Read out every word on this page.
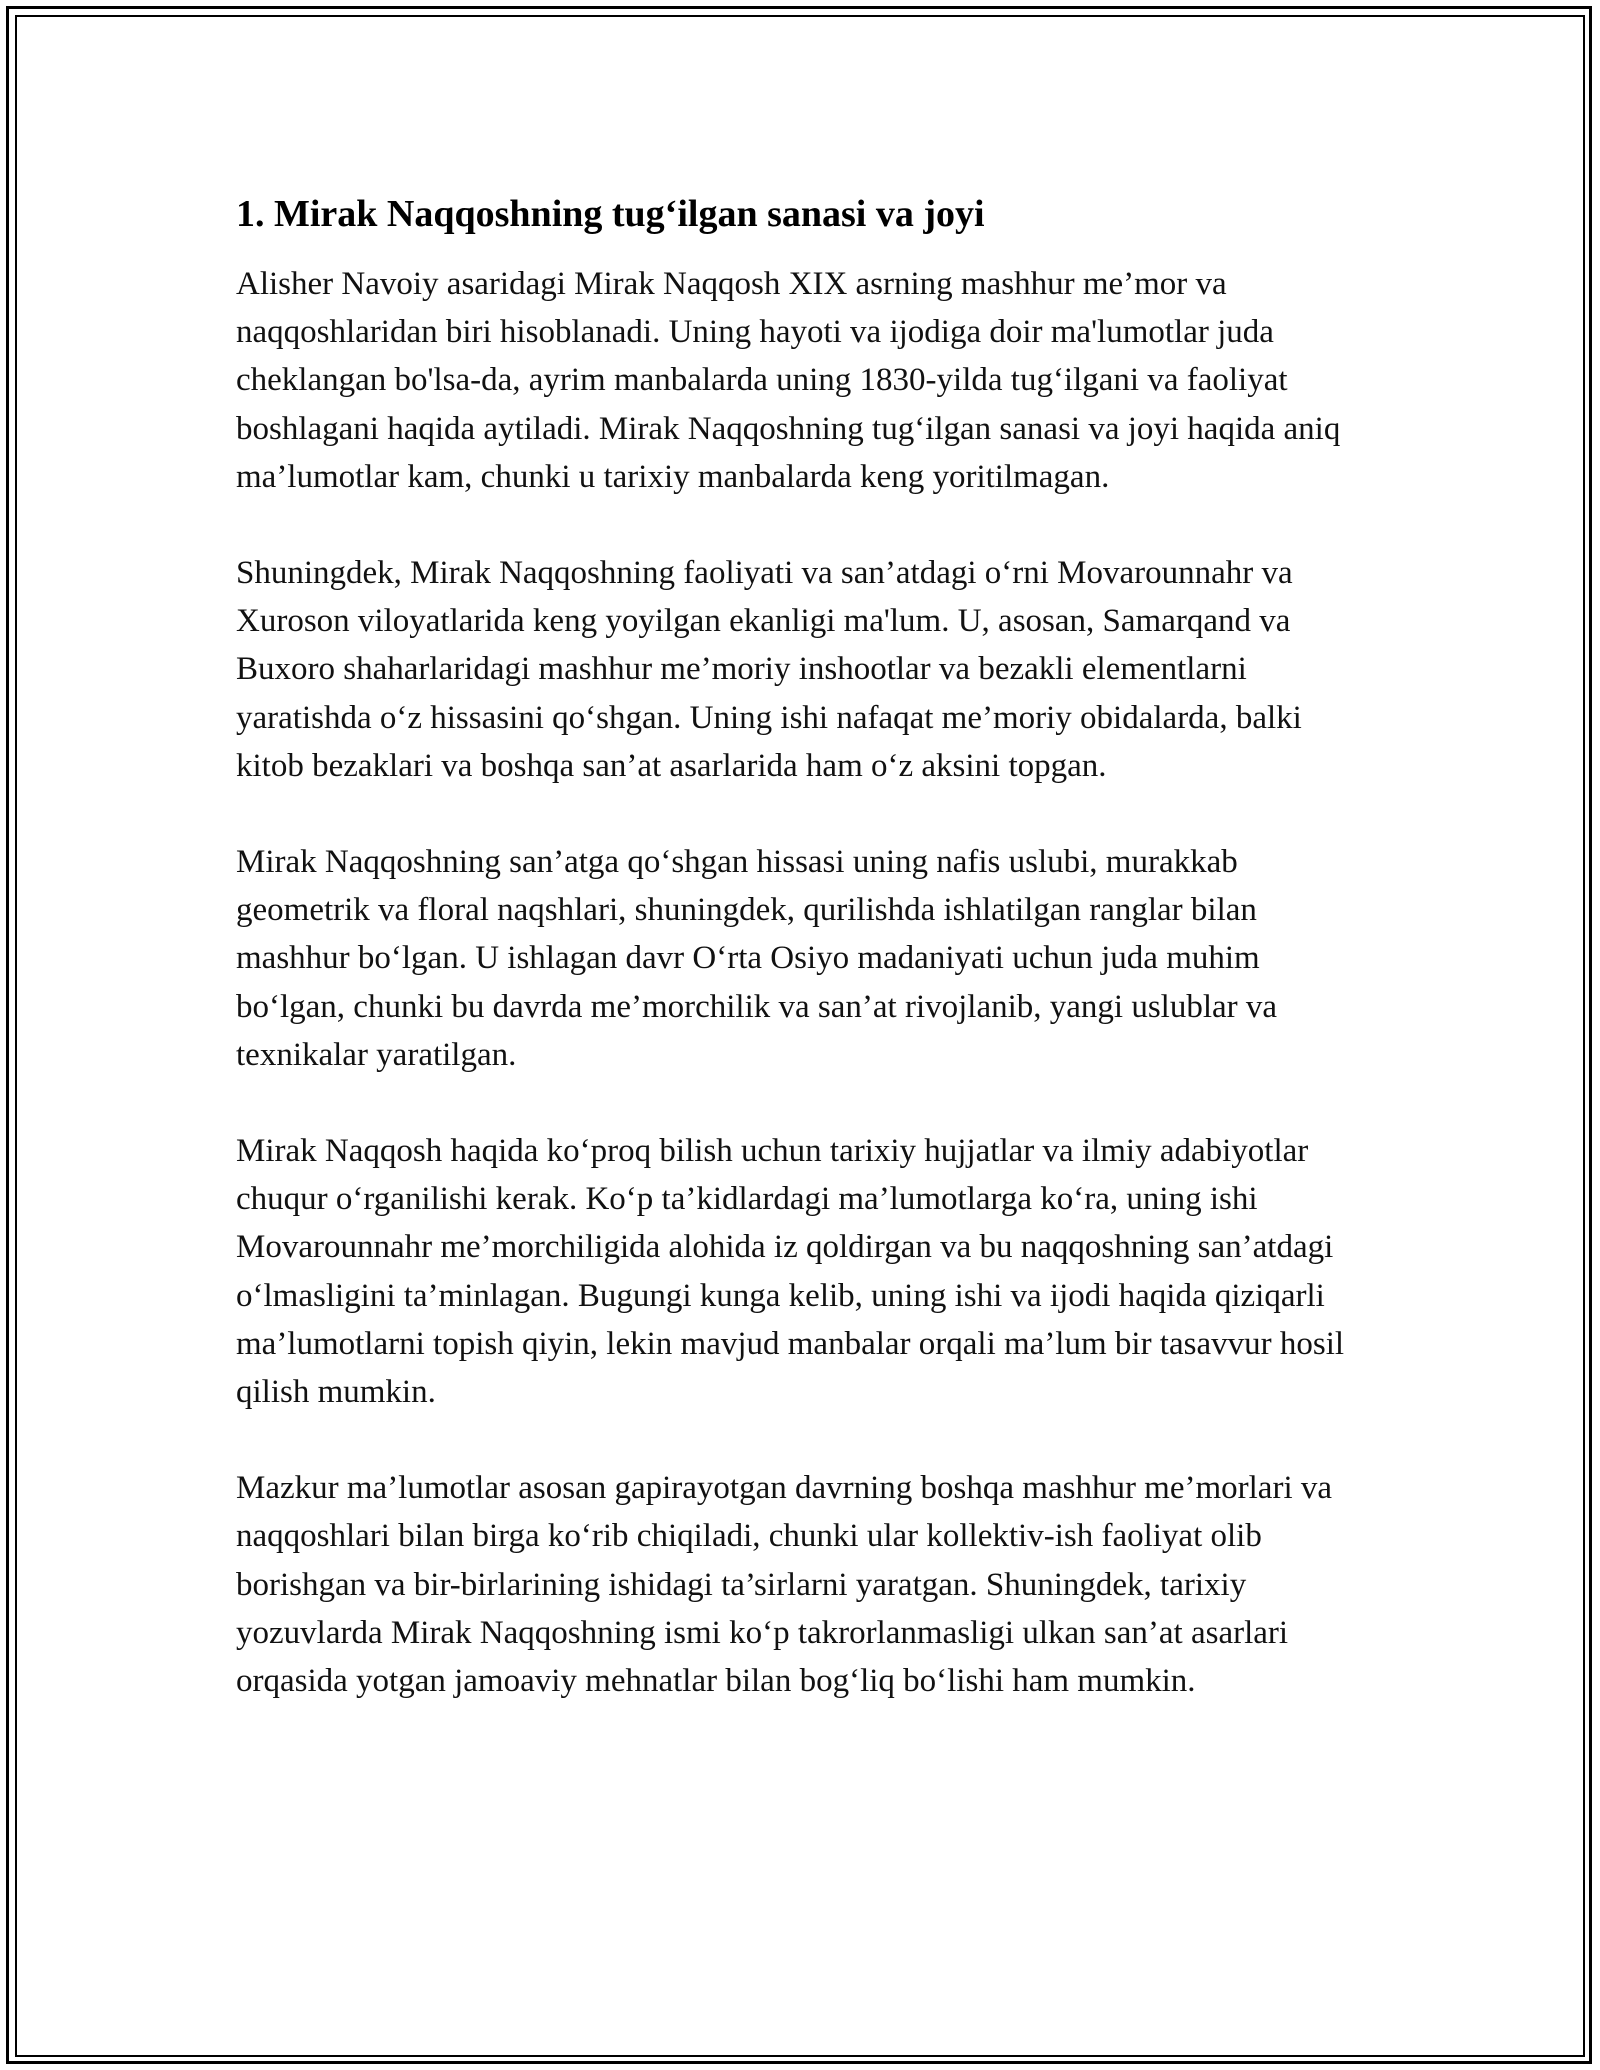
1. Mirak Naqqoshning tug‘ilgan sanasi va joyi

Alisher Navoiy asaridagi Mirak Naqqosh XIX asrning mashhur me’mor va naqqoshlaridan biri hisoblanadi. Uning hayoti va ijodiga doir ma'lumotlar juda cheklangan bo'lsa-da, ayrim manbalarda uning 1830-yilda tug‘ilgani va faoliyat boshlagani haqida aytiladi. Mirak Naqqoshning tug‘ilgan sanasi va joyi haqida aniq ma’lumotlar kam, chunki u tarixiy manbalarda keng yoritilmagan.

Shuningdek, Mirak Naqqoshning faoliyati va san’atdagi o‘rni Movarounnahr va Xuroson viloyatlarida keng yoyilgan ekanligi ma'lum. U, asosan, Samarqand va Buxoro shaharlaridagi mashhur me’moriy inshootlar va bezakli elementlarni yaratishda o‘z hissasini qo‘shgan. Uning ishi nafaqat me’moriy obidalarda, balki kitob bezaklari va boshqa san’at asarlarida ham o‘z aksini topgan.

Mirak Naqqoshning san’atga qo‘shgan hissasi uning nafis uslubi, murakkab geometrik va floral naqshlari, shuningdek, qurilishda ishlatilgan ranglar bilan mashhur bo‘lgan. U ishlagan davr O‘rta Osiyo madaniyati uchun juda muhim bo‘lgan, chunki bu davrda me’morchilik va san’at rivojlanib, yangi uslublar va texnikalar yaratilgan.

Mirak Naqqosh haqida ko‘proq bilish uchun tarixiy hujjatlar va ilmiy adabiyotlar chuqur o‘rganilishi kerak. Ko‘p ta’kidlardagi ma’lumotlarga ko‘ra, uning ishi Movarounnahr me’morchiligida alohida iz qoldirgan va bu naqqoshning san’atdagi o‘lmasligini ta’minlagan. Bugungi kunga kelib, uning ishi va ijodi haqida qiziqarli ma’lumotlarni topish qiyin, lekin mavjud manbalar orqali ma’lum bir tasavvur hosil qilish mumkin.

Mazkur ma’lumotlar asosan gapirayotgan davrning boshqa mashhur me’morlari va naqqoshlari bilan birga ko‘rib chiqiladi, chunki ular kollektiv-ish faoliyat olib borishgan va bir-birlarining ishidagi ta’sirlarni yaratgan. Shuningdek, tarixiy yozuvlarda Mirak Naqqoshning ismi ko‘p takrorlanmasligi ulkan san’at asarlari orqasida yotgan jamoaviy mehnatlar bilan bog‘liq bo‘lishi ham mumkin.
